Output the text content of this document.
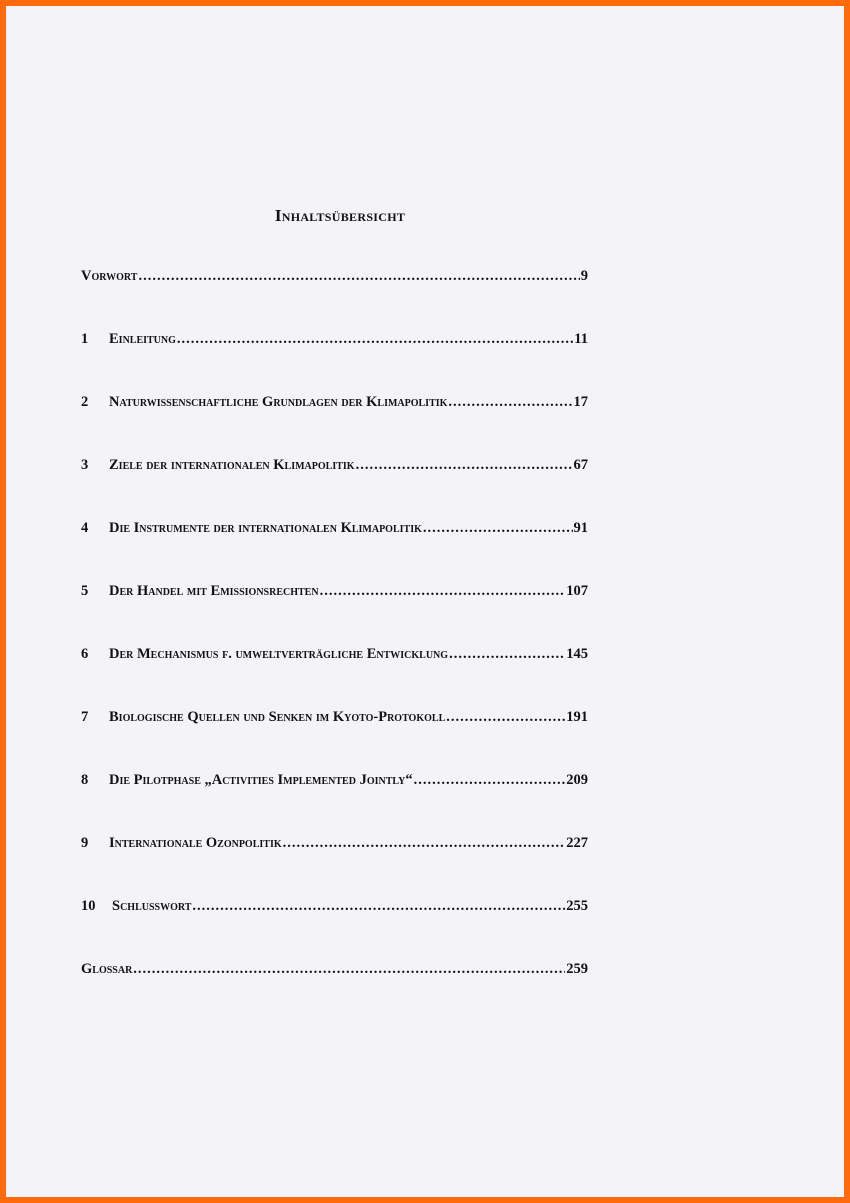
Inhaltsübersicht
Vorwort .....	9
1	Einleitung .....	11
2	Naturwissenschaftliche Grundlagen der Klimapolitik .....	17
3	Ziele der internationalen Klimapolitik .....	67
4	Die Instrumente der internationalen Klimapolitik .....	91
5	Der Handel mit Emissionsrechten .....	107
6	Der Mechanismus f. umweltverträgliche Entwicklung .....	145
7	Biologische Quellen und Senken im Kyoto-Protokoll .....	191
8	Die Pilotphase „Activities Implemented Jointly“ .....	209
9	Internationale Ozonpolitik .....	227
10	Schlusswort .....	255
Glossar .....	259
